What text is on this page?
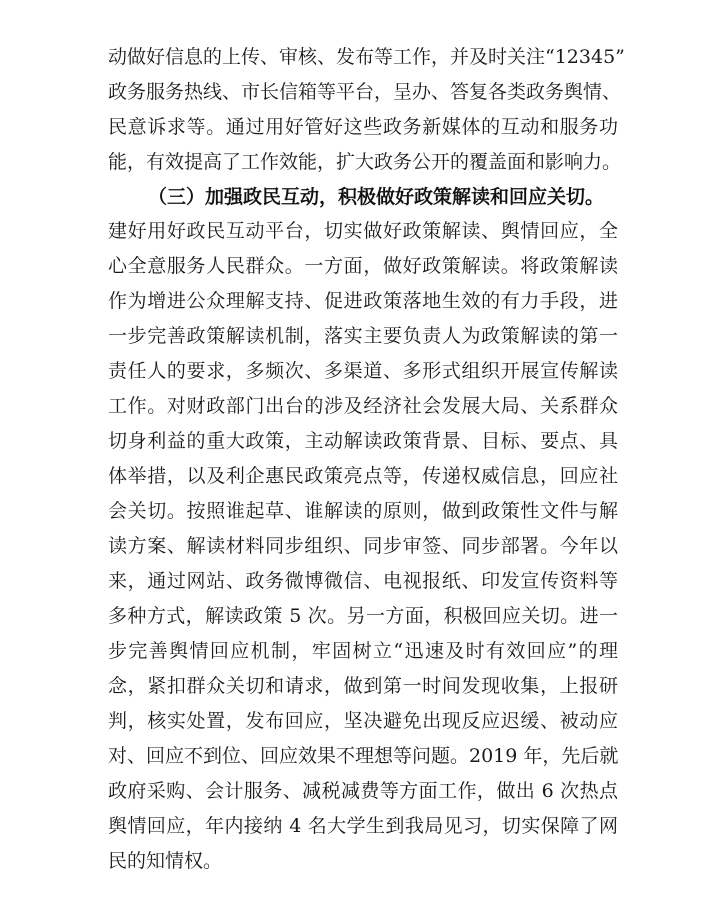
动做好信息的上传、审核、发布等工作，并及时关注“12345”
政务服务热线、市长信箱等平台，呈办、答复各类政务舆情、
民意诉求等。通过用好管好这些政务新媒体的互动和服务功
能，有效提高了工作效能，扩大政务公开的覆盖面和影响力。
（三）加强政民互动，积极做好政策解读和回应关切。
建好用好政民互动平台，切实做好政策解读、舆情回应，全
心全意服务人民群众。一方面，做好政策解读。将政策解读
作为增进公众理解支持、促进政策落地生效的有力手段，进
一步完善政策解读机制，落实主要负责人为政策解读的第一
责任人的要求，多频次、多渠道、多形式组织开展宣传解读
工作。对财政部门出台的涉及经济社会发展大局、关系群众
切身利益的重大政策，主动解读政策背景、目标、要点、具
体举措，以及利企惠民政策亮点等，传递权威信息，回应社
会关切。按照谁起草、谁解读的原则，做到政策性文件与解
读方案、解读材料同步组织、同步审签、同步部署。今年以
来，通过网站、政务微博微信、电视报纸、印发宣传资料等
多种方式，解读政策 5 次。另一方面，积极回应关切。进一
步完善舆情回应机制，牢固树立“迅速及时有效回应”的理
念，紧扣群众关切和请求，做到第一时间发现收集，上报研
判，核实处置，发布回应，坚决避免出现反应迟缓、被动应
对、回应不到位、回应效果不理想等问题。2019 年，先后就
政府采购、会计服务、减税减费等方面工作，做出 6 次热点
舆情回应，年内接纳 4 名大学生到我局见习，切实保障了网
民的知情权。
